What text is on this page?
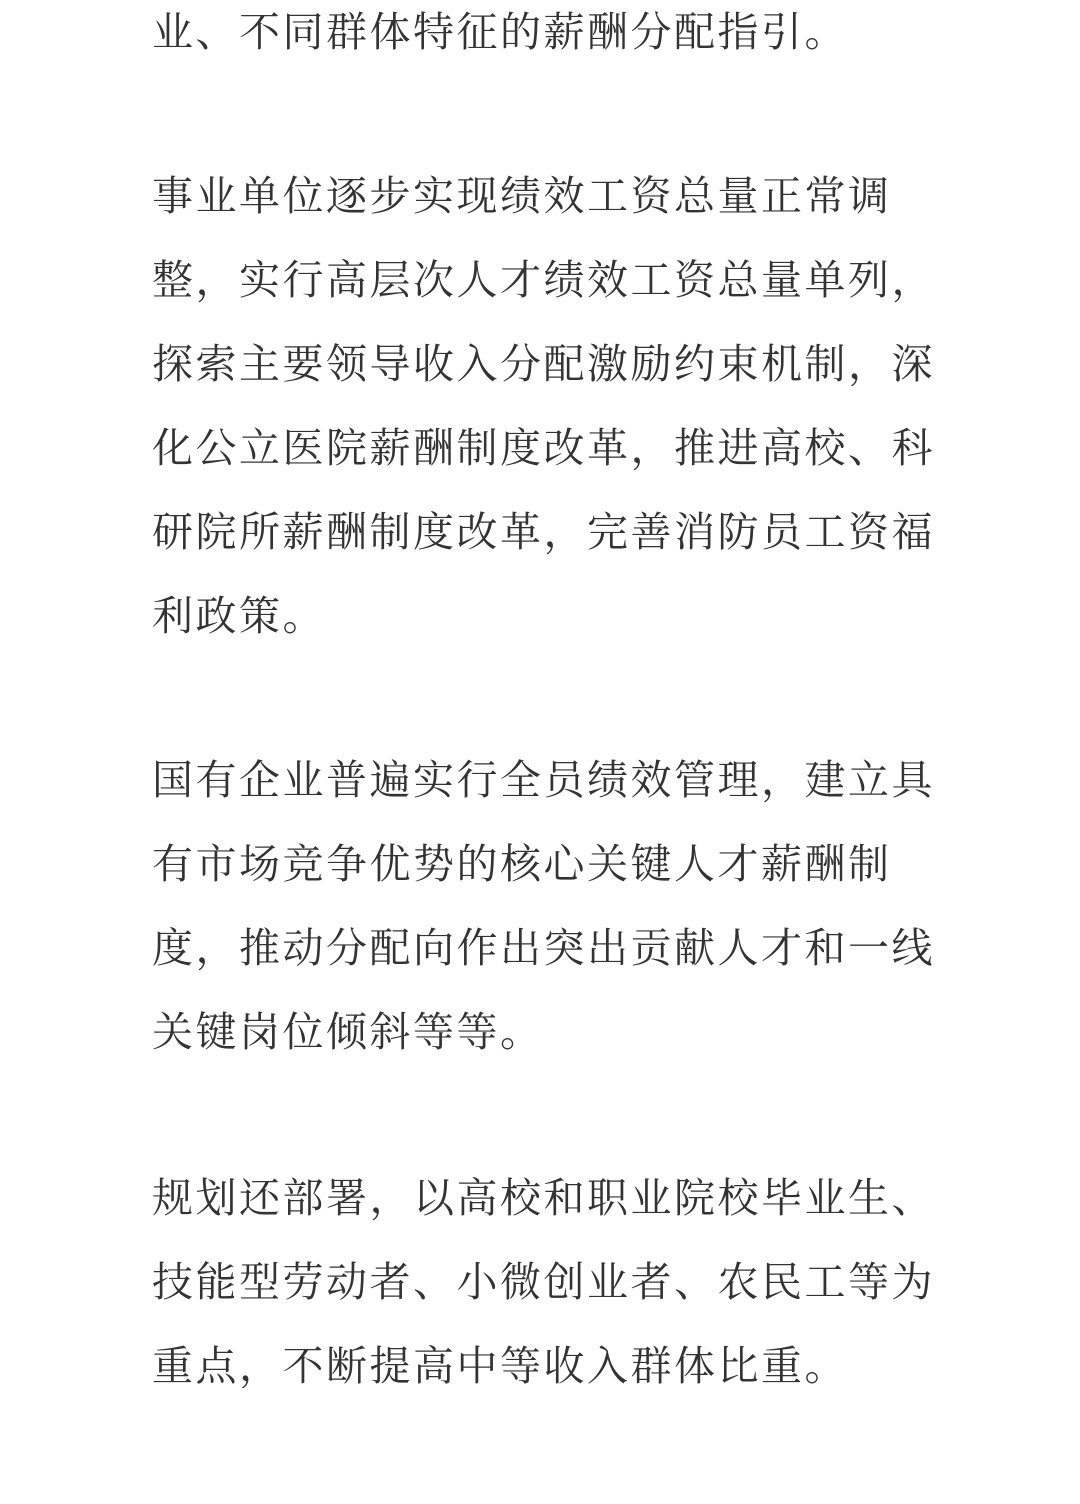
业、不同群体特征的薪酬分配指引。

事业单位逐步实现绩效工资总量正常调
整，实行高层次人才绩效工资总量单列，
探索主要领导收入分配激励约束机制，深
化公立医院薪酬制度改革，推进高校、科
研院所薪酬制度改革，完善消防员工资福
利政策。

国有企业普遍实行全员绩效管理，建立具
有市场竞争优势的核心关键人才薪酬制
度，推动分配向作出突出贡献人才和一线
关键岗位倾斜等等。

规划还部署，以高校和职业院校毕业生、
技能型劳动者、小微创业者、农民工等为
重点，不断提高中等收入群体比重。
